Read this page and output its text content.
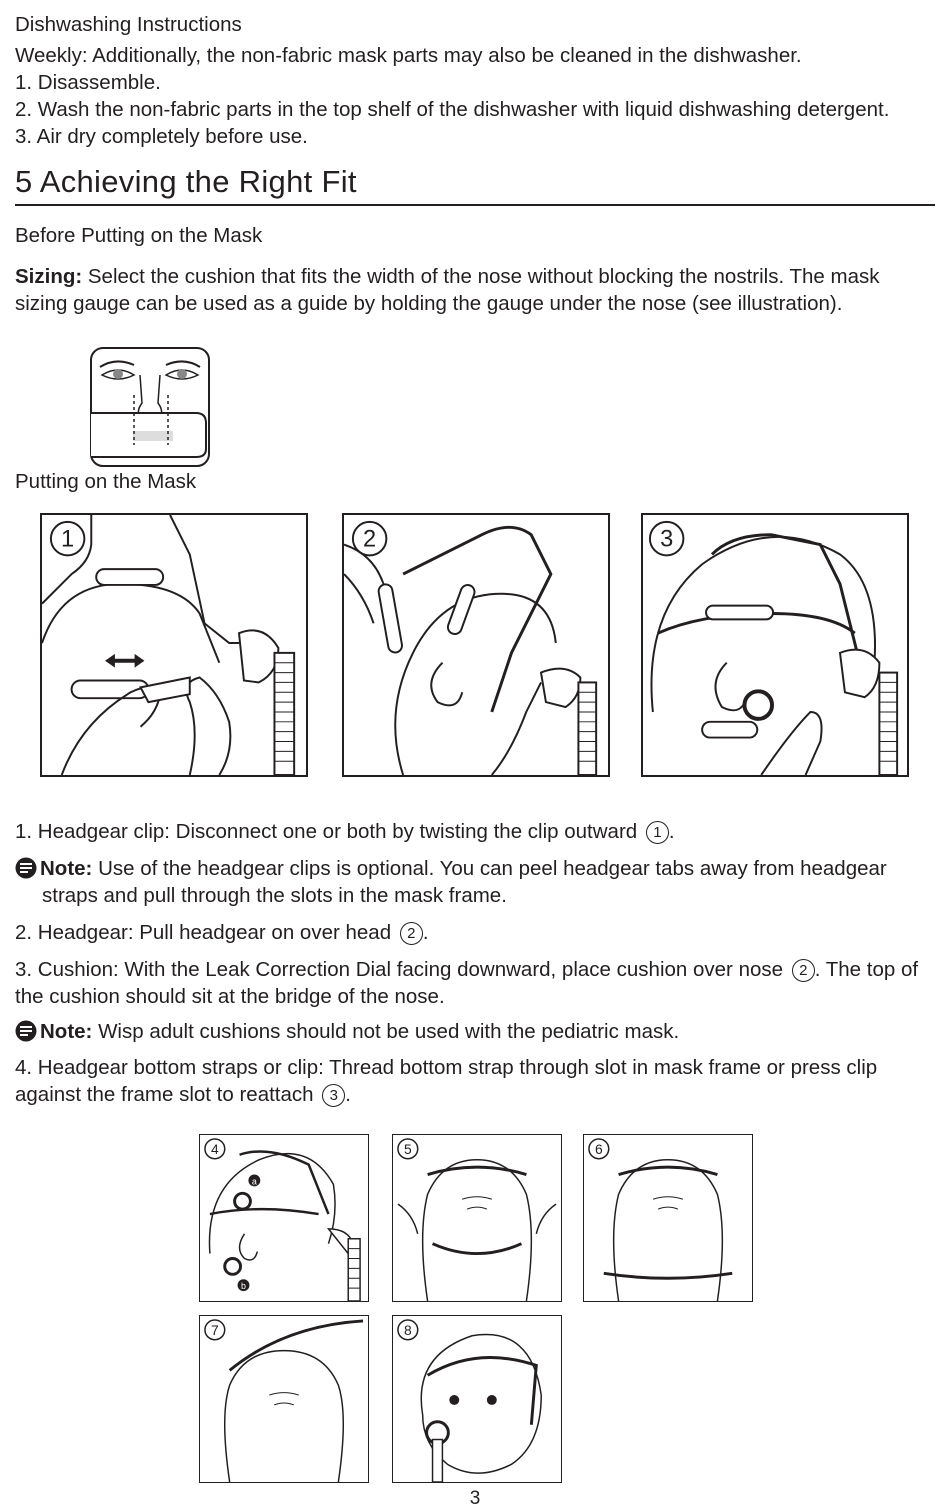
Dishwashing Instructions
Weekly: Additionally, the non-fabric mask parts may also be cleaned in the dishwasher.
1. Disassemble.
2. Wash the non-fabric parts in the top shelf of the dishwasher with liquid dishwashing detergent.
3. Air dry completely before use.
5 Achieving the Right Fit
Before Putting on the Mask
Sizing: Select the cushion that fits the width of the nose without blocking the nostrils. The mask
sizing gauge can be used as a guide by holding the gauge under the nose (see illustration).
Putting on the Mask
1	2	3
1. Headgear clip: Disconnect one or both by twisting the clip outward 1 .
Note: Use of the headgear clips is optional. You can peel headgear tabs away from headgear
straps and pull through the slots in the mask frame.
2. Headgear: Pull headgear on over head 2 .
3. Cushion: With the Leak Correction Dial facing downward, place cushion over nose 2 . The top of
the cushion should sit at the bridge of the nose.
Note: Wisp adult cushions should not be used with the pediatric mask.
4. Headgear bottom straps or clip: Thread bottom strap through slot in mask frame or press clip
against the frame slot to reattach 3 .
4
a
b
5	6
7	8
3
